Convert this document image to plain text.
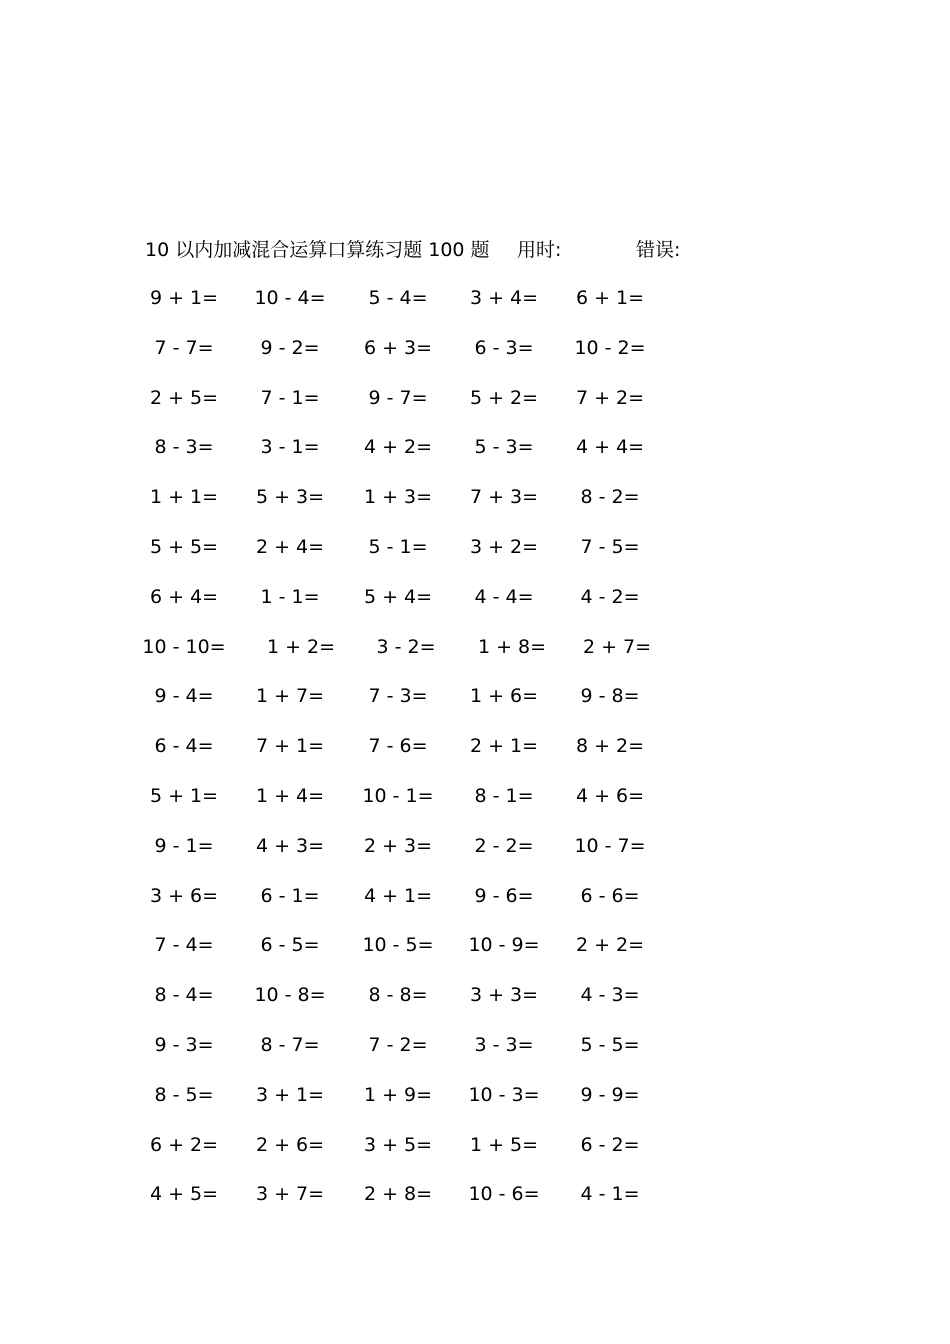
10 以内加减混合运算口算练习题 100 题 用时:	错误:
9 + 1=	10 - 4=	5 - 4=	3 + 4=	6 + 1=
7 - 7=	9 - 2=	6 + 3=	6 - 3=	10 - 2=
2 + 5=	7 - 1=	9 - 7=	5 + 2=	7 + 2=
8 - 3=	3 - 1=	4 + 2=	5 - 3=	4 + 4=
1 + 1=	5 + 3=	1 + 3=	7 + 3=	8 - 2=
5 + 5=	2 + 4=	5 - 1=	3 + 2=	7 - 5=
6 + 4=	1 - 1=	5 + 4=	4 - 4=	4 - 2=
10 - 10=	1 + 2=	3 - 2=	1 + 8=	2 + 7=
9 - 4=	1 + 7=	7 - 3=	1 + 6=	9 - 8=
6 - 4=	7 + 1=	7 - 6=	2 + 1=	8 + 2=
5 + 1=	1 + 4=	10 - 1=	8 - 1=	4 + 6=
9 - 1=	4 + 3=	2 + 3=	2 - 2=	10 - 7=
3 + 6=	6 - 1=	4 + 1=	9 - 6=	6 - 6=
7 - 4=	6 - 5=	10 - 5=	10 - 9=	2 + 2=
8 - 4=	10 - 8=	8 - 8=	3 + 3=	4 - 3=
9 - 3=	8 - 7=	7 - 2=	3 - 3=	5 - 5=
8 - 5=	3 + 1=	1 + 9=	10 - 3=	9 - 9=
6 + 2=	2 + 6=	3 + 5=	1 + 5=	6 - 2=
4 + 5=	3 + 7=	2 + 8=	10 - 6=	4 - 1=
